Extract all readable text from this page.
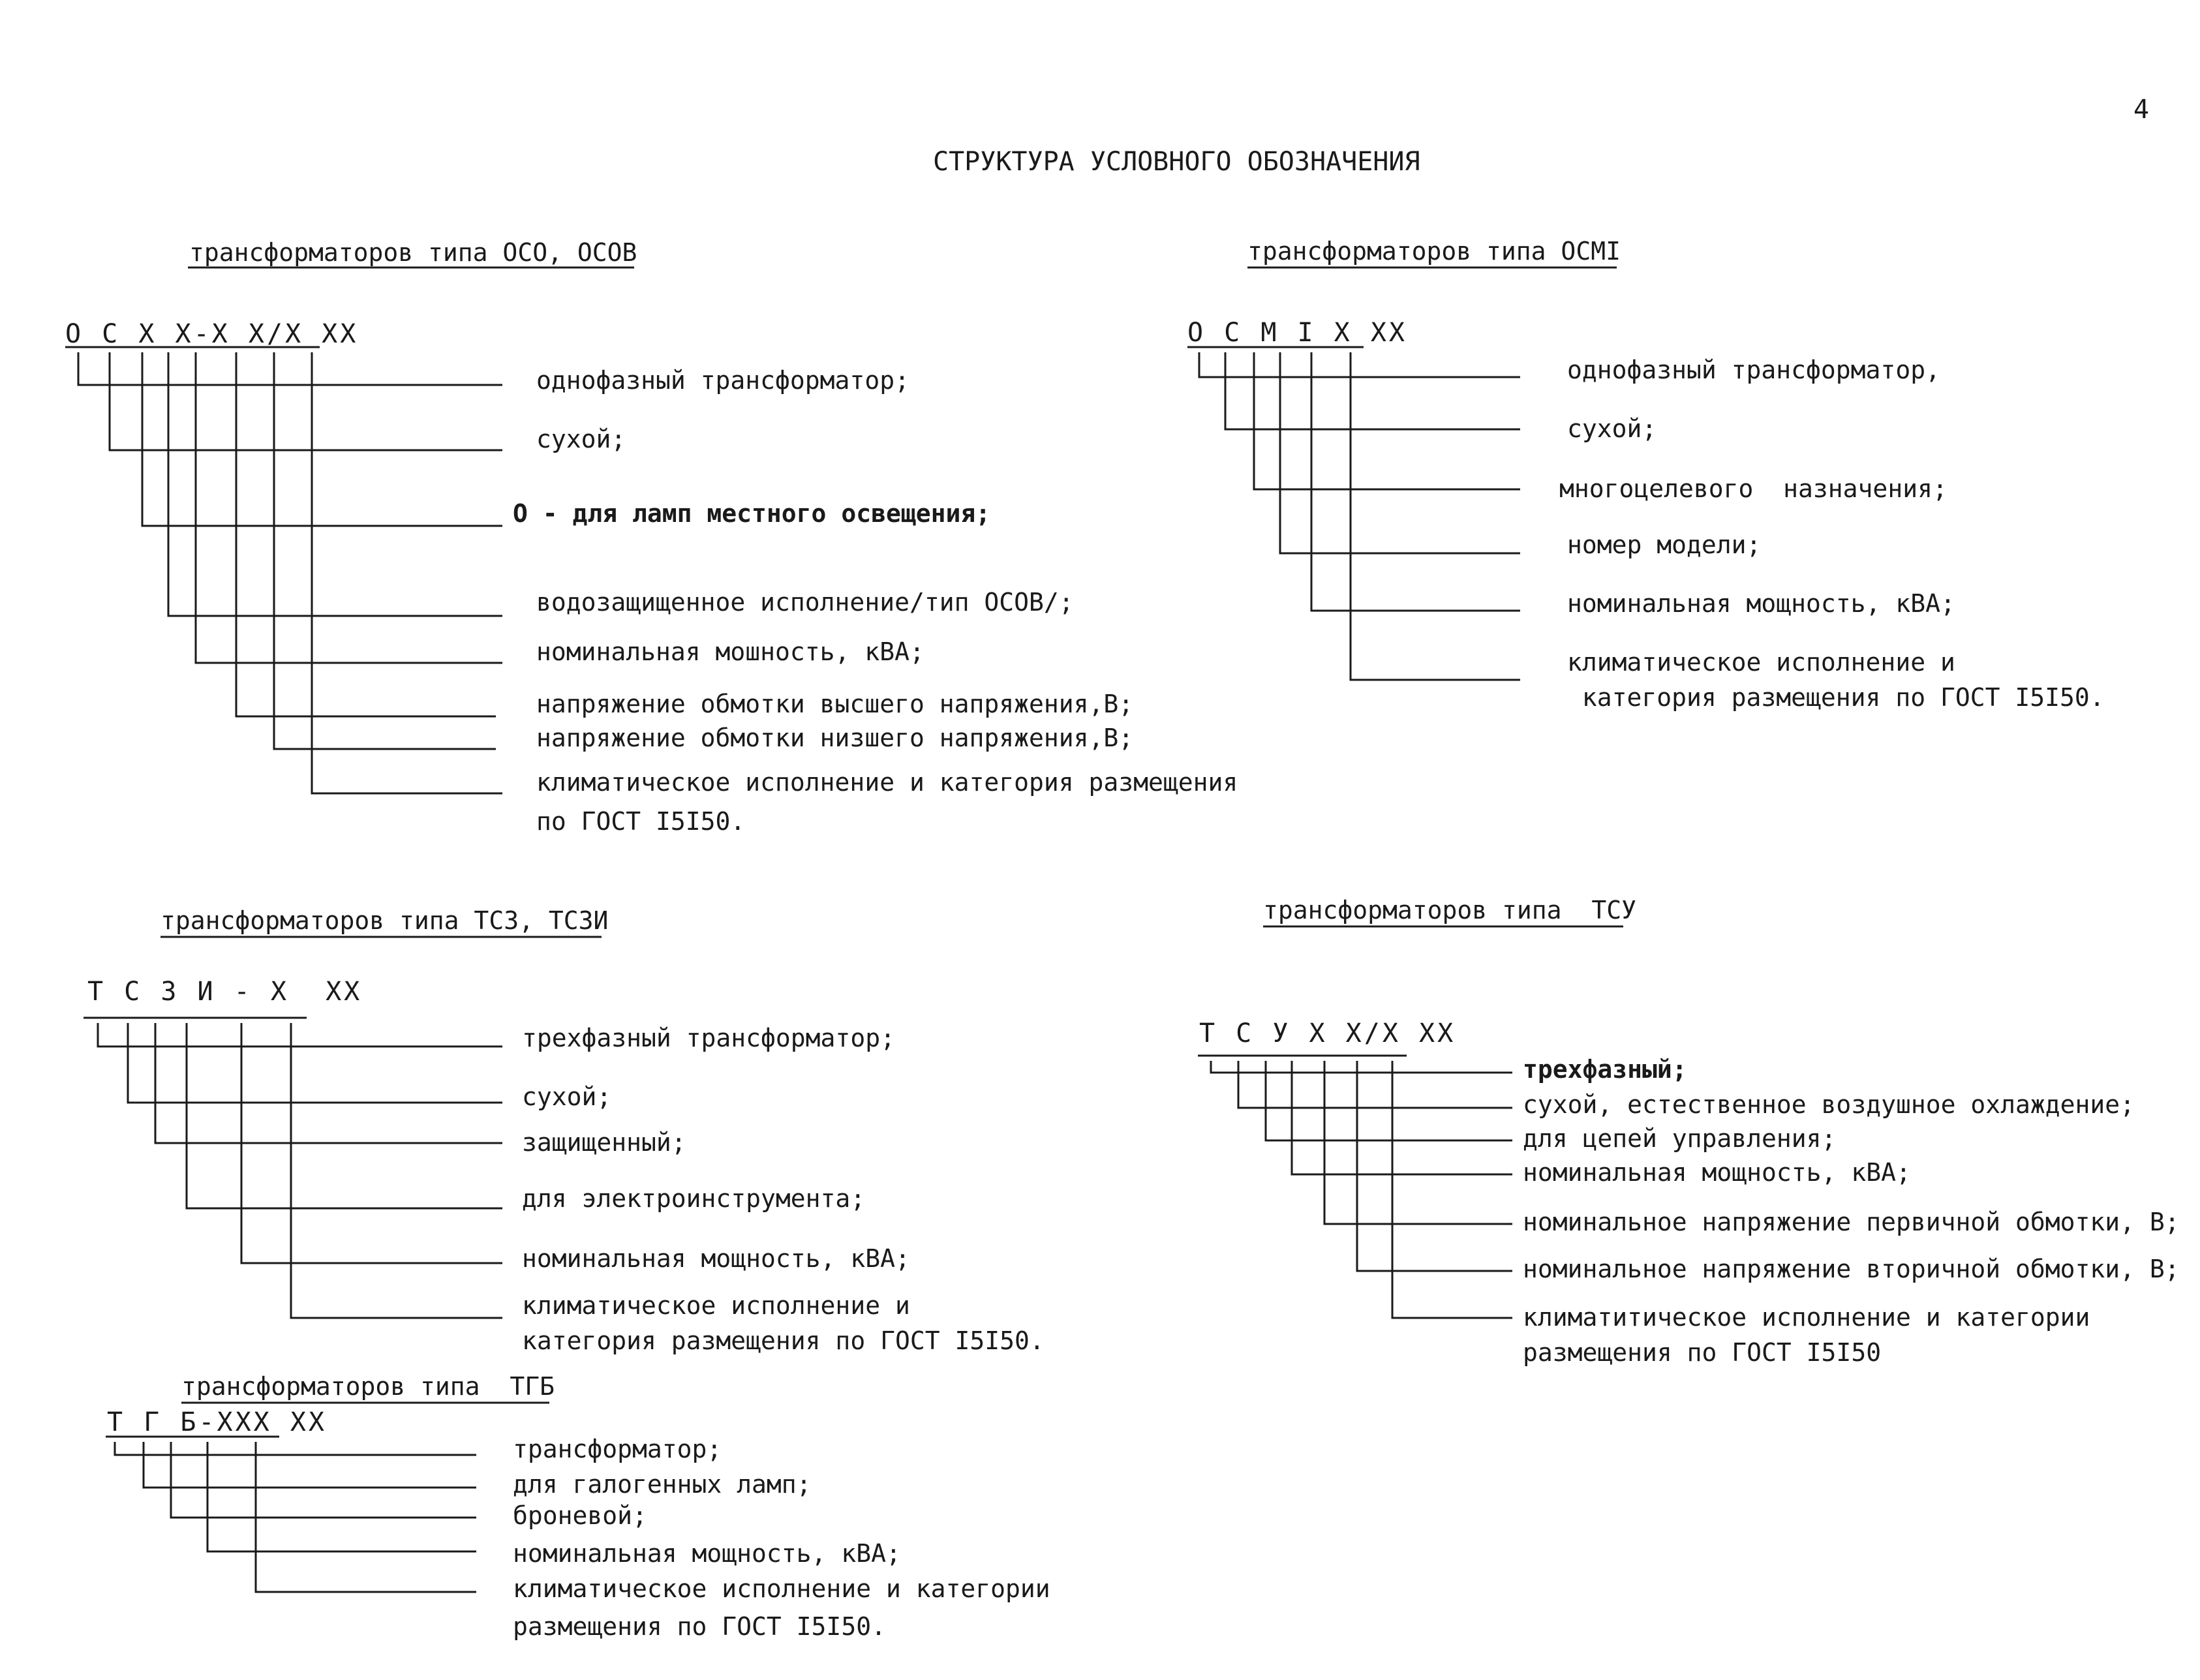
4
СТРУКТУРА УСЛОВНОГО ОБОЗНАЧЕНИЯ
трансформаторов типа ОСО, ОСОВ
О С Х Х-Х Х/Х ХХ
однофазный трансформатор;
сухой;
О - для ламп местного освещения;
водозащищенное исполнение/тип ОСОВ/;
номинальная мошность, кВА;
напряжение обмотки высшего напряжения,В;
напряжение обмотки низшего напряжения,В;
климатическое исполнение и категория размещения
по ГОСТ I5I50.
трансформаторов типа ОСМI
О С М I Х ХХ
однофазный трансформатор,
сухой;
многоцелевого  назначения;
номер модели;
номинальная мощность, кВА;
климатическое исполнение и
категория размещения по ГОСТ I5I50.
трансформаторов типа ТСЗ, ТСЗИ
Т С З И - Х  ХХ
трехфазный трансформатор;
сухой;
защищенный;
для электроинструмента;
номинальная мощность, кВА;
климатическое исполнение и
категория размещения по ГОСТ I5I50.
трансформаторов типа  ТСУ
Т С У Х Х/Х ХХ
трехфазный;
сухой, естественное воздушное охлаждение;
для цепей управления;
номинальная мощность, кВА;
номинальное напряжение первичной обмотки, В;
номинальное напряжение вторичной обмотки, В;
климатитическое исполнение и категории
размещения по ГОСТ I5I50
трансформаторов типа  ТГБ
Т Г Б-ХХХ ХХ
трансформатор;
для галогенных ламп;
броневой;
номинальная мощность, кВА;
климатическое исполнение и категории
размещения по ГОСТ I5I50.
